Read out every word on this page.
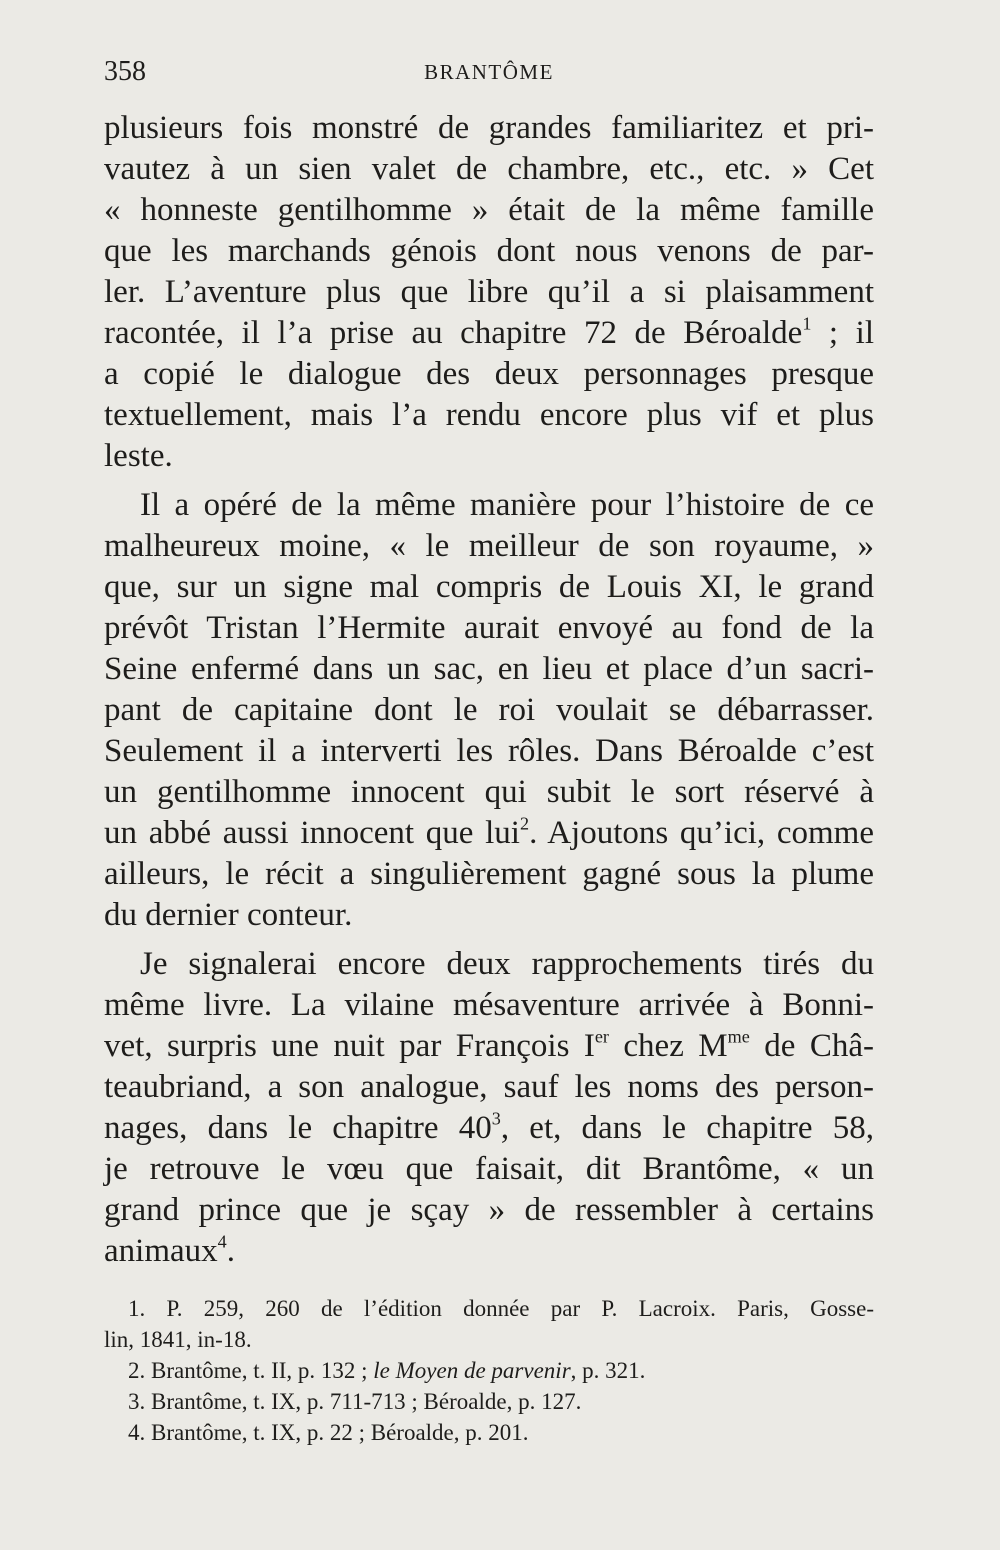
358	BRANTÔME
plusieurs fois monstré de grandes familiaritez et pri-
vautez à un sien valet de chambre, etc., etc. » Cet
« honneste gentilhomme » était de la même famille
que les marchands génois dont nous venons de par-
ler. L’aventure plus que libre qu’il a si plaisamment
racontée, il l’a prise au chapitre 72 de Béroalde$^1$ ; il
a copié le dialogue des deux personnages presque
textuellement, mais l’a rendu encore plus vif et plus
leste.
Il a opéré de la même manière pour l’histoire de ce
malheureux moine, « le meilleur de son royaume, »
que, sur un signe mal compris de Louis XI, le grand
prévôt Tristan l’Hermite aurait envoyé au fond de la
Seine enfermé dans un sac, en lieu et place d’un sacri-
pant de capitaine dont le roi voulait se débarrasser.
Seulement il a interverti les rôles. Dans Béroalde c’est
un gentilhomme innocent qui subit le sort réservé à
un abbé aussi innocent que lui$^2$. Ajoutons qu’ici, comme
ailleurs, le récit a singulièrement gagné sous la plume
du dernier conteur.
Je signalerai encore deux rapprochements tirés du
même livre. La vilaine mésaventure arrivée à Bonni-
vet, surpris une nuit par François Ier chez $M^{me}$ de Châ-
teaubriand, a son analogue, sauf les noms des person-
nages, dans le chapitre $40^3$, et, dans le chapitre 58,
je retrouve le vœu que faisait, dit Brantôme, « un
grand prince que je sçay » de ressembler à certains
animaux$^4$.
1. P. 259, 260 de l’édition donnée par P. Lacroix. Paris, Gosse-
lin, 1841, in-18.
2. Brantôme, t. II, p. 132 ; le Moyen de parvenir, p. 321.
3. Brantôme, t. IX, p. 711-713 ; Béroalde, p. 127.
4. Brantôme, t. IX, p. 22 ; Béroalde, p. 201.
